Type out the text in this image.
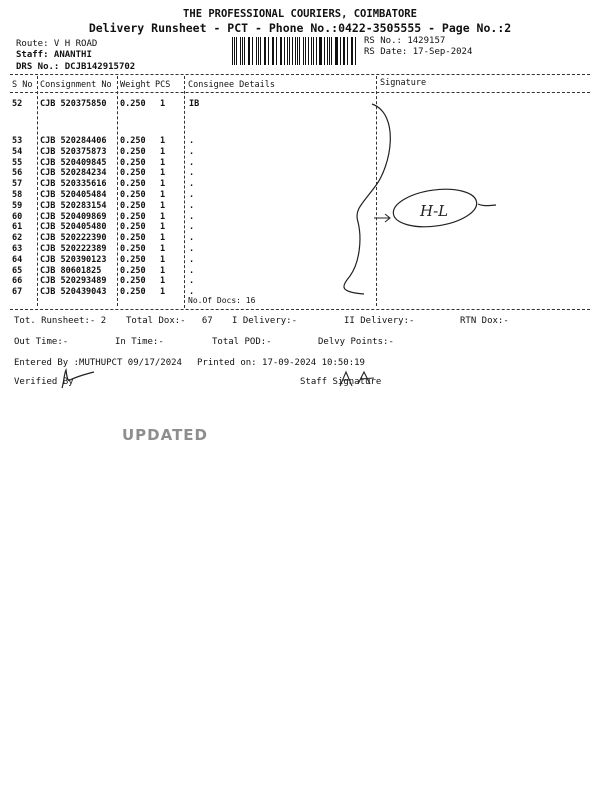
THE PROFESSIONAL COURIERS, COIMBATORE
Delivery Runsheet - PCT - Phone No.:0422-3505555 - Page No.:2
Route: V H ROAD
Staff: ANANTHI
DRS No.: DCJB142915702
RS No.: 1429157
RS Date: 17-Sep-2024
S No Consignment No Weight PCS Consignee Details	Signature
52 CJB 520375850 0.250 1	IB
53 CJB 520284406 0.250 1	.
54 CJB 520375873 0.250 1	.
55 CJB 520409845 0.250 1	.
56 CJB 520284234 0.250 1	.
57 CJB 520335616 0.250 1	.
58 CJB 520405484 0.250 1	.
59 CJB 520283154 0.250 1	.
60 CJB 520409869 0.250 1	.
61 CJB 520405480 0.250 1	.
62 CJB 520222390 0.250 1	.
63 CJB 520222389 0.250 1	.
64 CJB 520390123 0.250 1	.
65 CJB 80601825 0.250 1	.
66 CJB 520293489 0.250 1	.
67 CJB 520439043 0.250 1	.
No.Of Docs: 16
H-L
Tot. Runsheet:- 2 Total Dox:-   67 I Delivery:-	II Delivery:-	RTN Dox:-
Out Time:-	In Time:-	Total POD:-	Delvy Points:-
Entered By :MUTHUPCT 09/17/2024 Printed on: 17-09-2024 10:50:19
Verified By	Staff Signature
UPDATED
